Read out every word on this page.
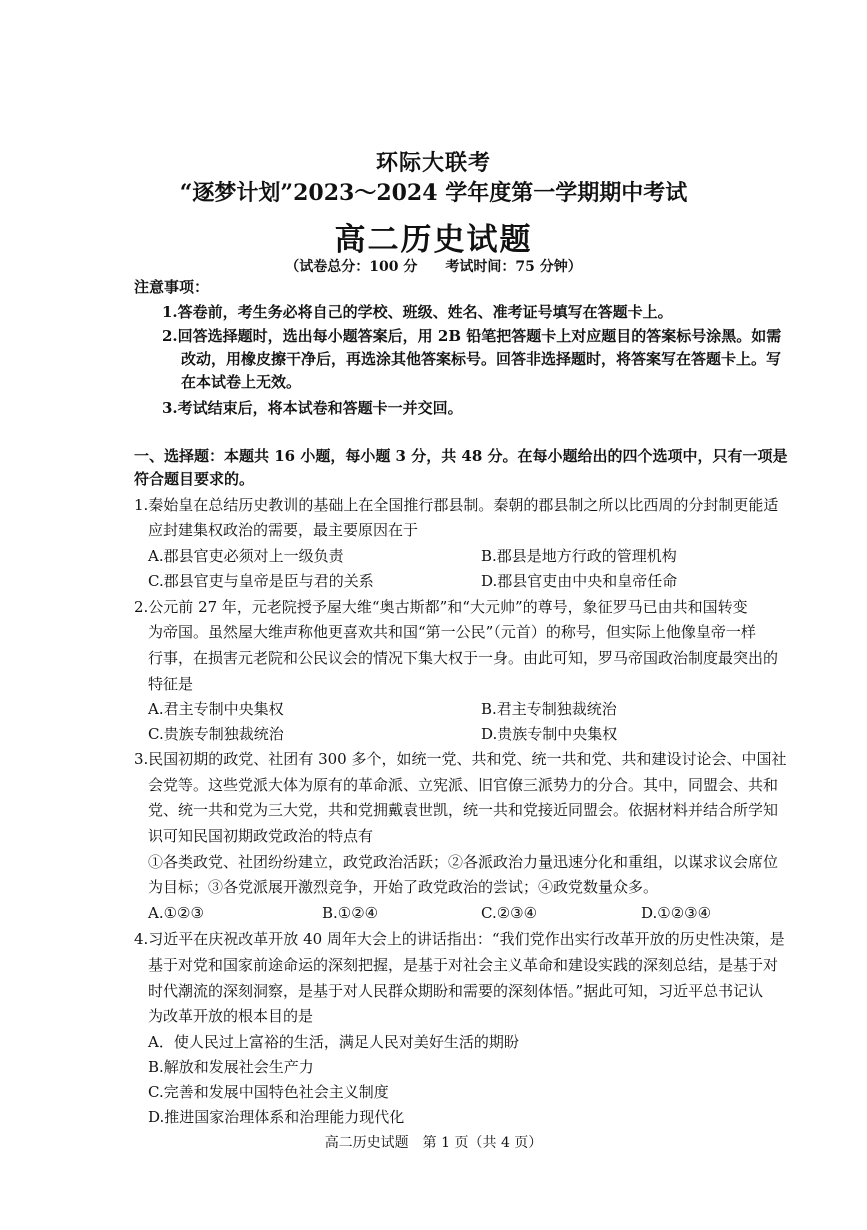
环际大联考
“逐梦计划”2023～2024 学年度第一学期期中考试
高二历史试题
（试卷总分：100 分　　考试时间：75 分钟）
注意事项：
1.答卷前，考生务必将自己的学校、班级、姓名、准考证号填写在答题卡上。
2.回答选择题时，选出每小题答案后，用 2B 铅笔把答题卡上对应题目的答案标号涂黑。如需
改动，用橡皮擦干净后，再选涂其他答案标号。回答非选择题时，将答案写在答题卡上。写
在本试卷上无效。
3.考试结束后，将本试卷和答题卡一并交回。
一、选择题：本题共 16 小题，每小题 3 分，共 48 分。在每小题给出的四个选项中，只有一项是
符合题目要求的。
1.秦始皇在总结历史教训的基础上在全国推行郡县制。秦朝的郡县制之所以比西周的分封制更能适
应封建集权政治的需要，最主要原因在于
A.郡县官吏必须对上一级负责	B.郡县是地方行政的管理机构
C.郡县官吏与皇帝是臣与君的关系	D.郡县官吏由中央和皇帝任命
2.公元前 27 年，元老院授予屋大维“奥古斯都”和“大元帅”的尊号，象征罗马已由共和国转变
为帝国。虽然屋大维声称他更喜欢共和国“第一公民”（元首）的称号，但实际上他像皇帝一样
行事，在损害元老院和公民议会的情况下集大权于一身。由此可知，罗马帝国政治制度最突出的
特征是
A.君主专制中央集权	B.君主专制独裁统治
C.贵族专制独裁统治	D.贵族专制中央集权
3.民国初期的政党、社团有 300 多个，如统一党、共和党、统一共和党、共和建设讨论会、中国社
会党等。这些党派大体为原有的革命派、立宪派、旧官僚三派势力的分合。其中，同盟会、共和
党、统一共和党为三大党，共和党拥戴袁世凯，统一共和党接近同盟会。依据材料并结合所学知
识可知民国初期政党政治的特点有
①各类政党、社团纷纷建立，政党政治活跃；②各派政治力量迅速分化和重组，以谋求议会席位
为目标；③各党派展开激烈竞争，开始了政党政治的尝试；④政党数量众多。
A.①②③	B.①②④	C.②③④	D.①②③④
4.习近平在庆祝改革开放 40 周年大会上的讲话指出：“我们党作出实行改革开放的历史性决策，是
基于对党和国家前途命运的深刻把握，是基于对社会主义革命和建设实践的深刻总结，是基于对
时代潮流的深刻洞察，是基于对人民群众期盼和需要的深刻体悟。”据此可知，习近平总书记认
为改革开放的根本目的是
A．使人民过上富裕的生活，满足人民对美好生活的期盼
B.解放和发展社会生产力
C.完善和发展中国特色社会主义制度
D.推进国家治理体系和治理能力现代化
高二历史试题　第 1 页（共 4 页）
